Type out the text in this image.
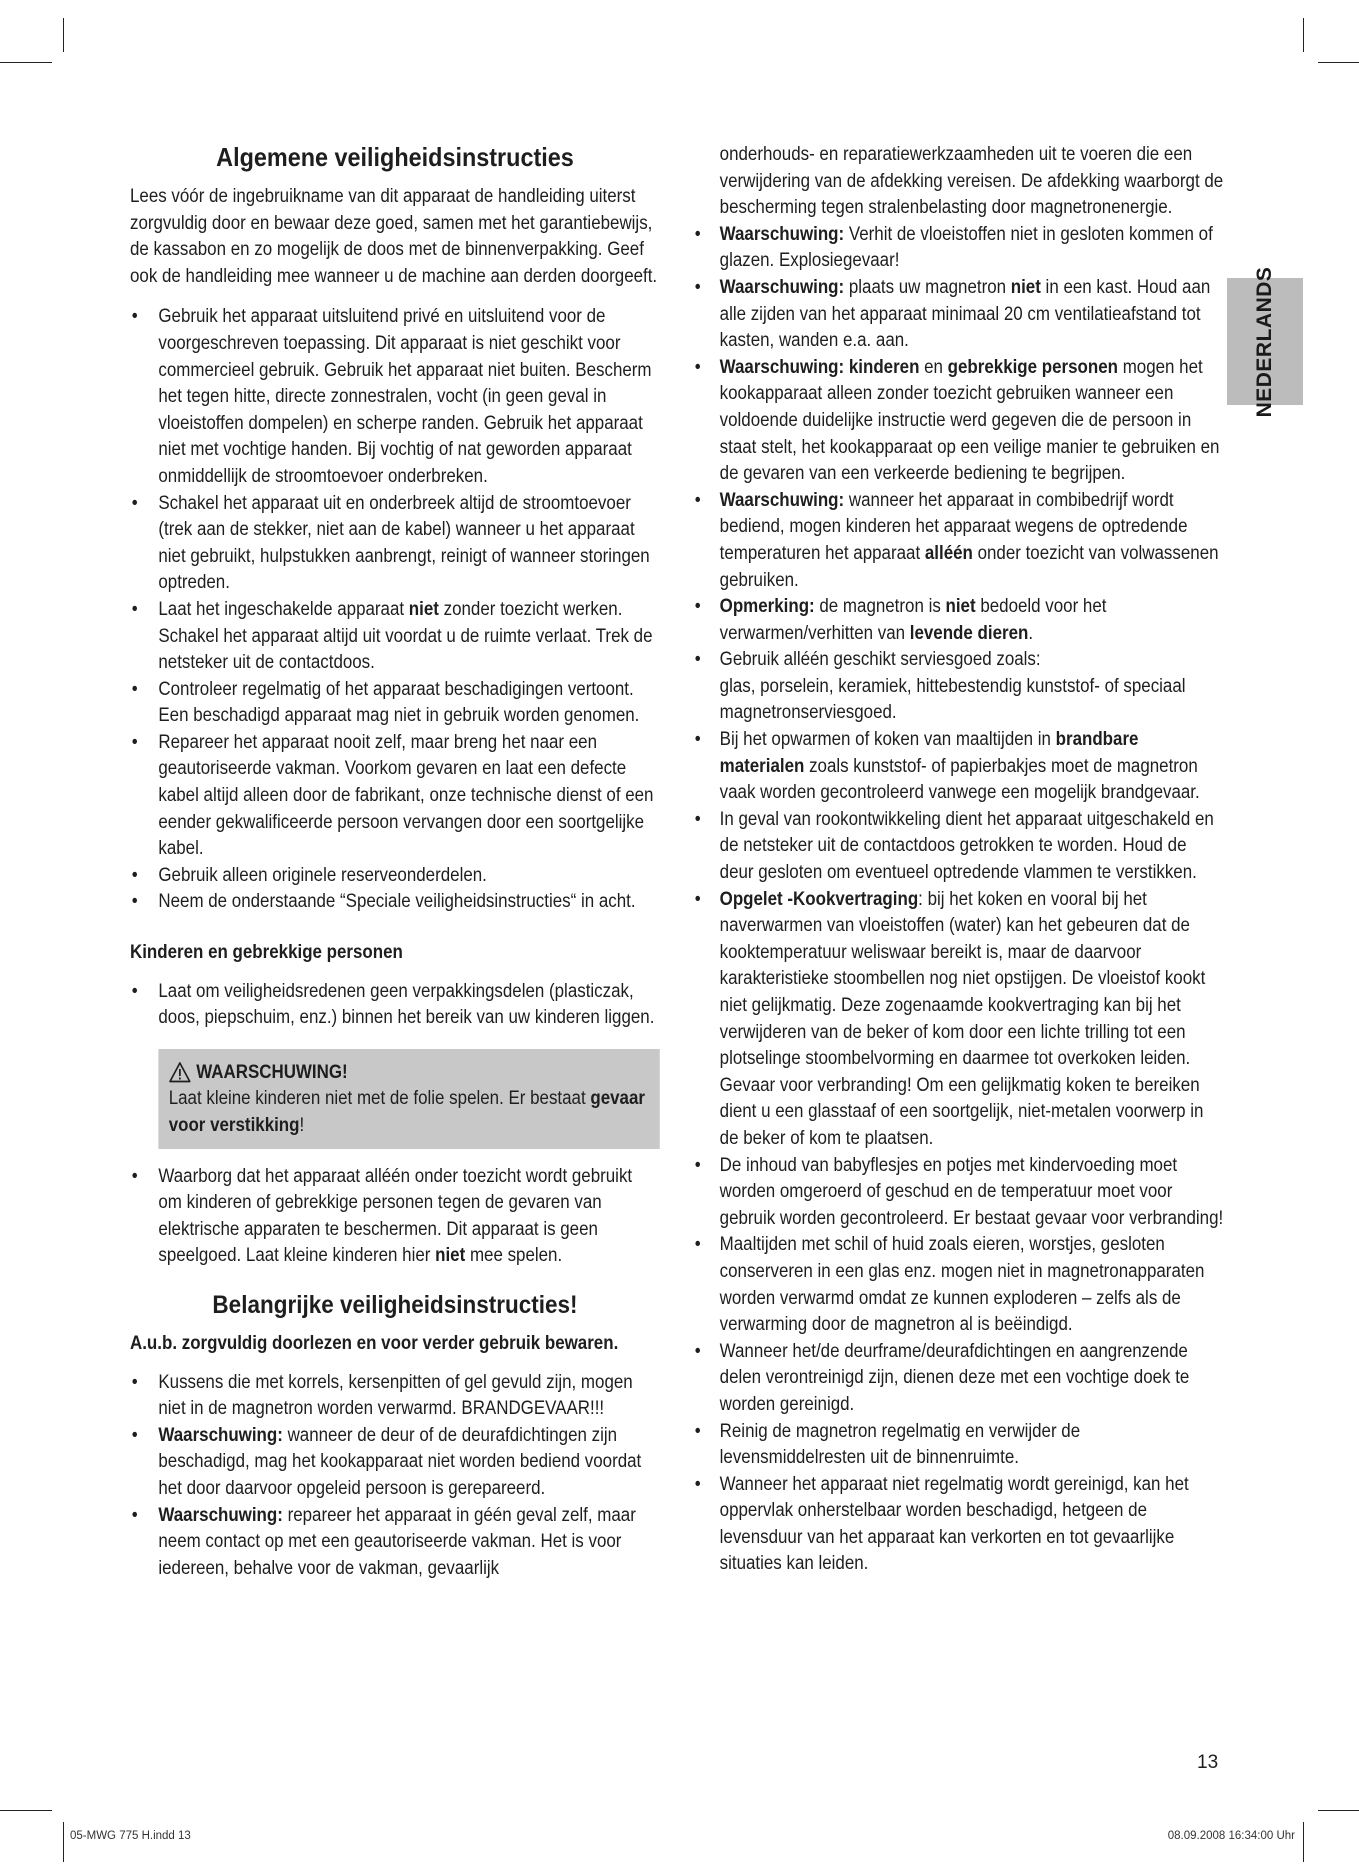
NEDERLANDS
Algemene veiligheidsinstructies

Lees vóór de ingebruikname van dit apparaat de handleiding uiterst zorgvuldig door en bewaar deze goed, samen met het garantiebewijs, de kassabon en zo mogelijk de doos met de binnenverpakking. Geef ook de handleiding mee wanneer u de machine aan derden doorgeeft.

• Gebruik het apparaat uitsluitend privé en uitsluitend voor de voorgeschreven toepassing. Dit apparaat is niet geschikt voor commercieel gebruik. Gebruik het apparaat niet buiten. Bescherm het tegen hitte, directe zonnestralen, vocht (in geen geval in vloeistoffen dompelen) en scherpe randen. Gebruik het apparaat niet met vochtige handen. Bij vochtig of nat geworden apparaat onmiddellijk de stroomtoevoer onderbreken.
• Schakel het apparaat uit en onderbreek altijd de stroomtoevoer (trek aan de stekker, niet aan de kabel) wanneer u het apparaat niet gebruikt, hulpstukken aanbrengt, reinigt of wanneer storingen optreden.
• Laat het ingeschakelde apparaat niet zonder toezicht werken. Schakel het apparaat altijd uit voordat u de ruimte verlaat. Trek de netsteker uit de contactdoos.
• Controleer regelmatig of het apparaat beschadigingen vertoont. Een beschadigd apparaat mag niet in gebruik worden genomen.
• Repareer het apparaat nooit zelf, maar breng het naar een geautoriseerde vakman. Voorkom gevaren en laat een defecte kabel altijd alleen door de fabrikant, onze technische dienst of een eender gekwalificeerde persoon vervangen door een soortgelijke kabel.
• Gebruik alleen originele reserveonderdelen.
• Neem de onderstaande “Speciale veiligheidsinstructies“ in acht.
Kinderen en gebrekkige personen
• Laat om veiligheidsredenen geen verpakkingsdelen (plasticzak, doos, piepschuim, enz.) binnen het bereik van uw kinderen liggen.
WAARSCHUWING!

Laat kleine kinderen niet met de folie spelen. Er bestaat gevaar voor verstikking!

• Waarborg dat het apparaat alléén onder toezicht wordt gebruikt om kinderen of gebrekkige personen tegen de gevaren van elektrische apparaten te beschermen. Dit apparaat is geen speelgoed. Laat kleine kinderen hier niet mee spelen.
Belangrijke veiligheidsinstructies!
A.u.b. zorgvuldig doorlezen en voor verder gebruik bewaren.
• Kussens die met korrels, kersenpitten of gel gevuld zijn, mogen niet in de magnetron worden verwarmd. BRANDGEVAAR!!!
• Waarschuwing: wanneer de deur of de deurafdichtingen zijn beschadigd, mag het kookapparaat niet worden bediend voordat het door daarvoor opgeleid persoon is gerepareerd.
• Waarschuwing: repareer het apparaat in géén geval zelf, maar neem contact op met een geautoriseerde vakman. Het is voor iedereen, behalve voor de vakman, gevaarlijk

onderhouds- en reparatiewerkzaamheden uit te voeren die een verwijdering van de afdekking vereisen. De afdekking waarborgt de bescherming tegen stralenbelasting door magnetronenergie.

• Waarschuwing: Verhit de vloeistoffen niet in gesloten kommen of glazen. Explosiegevaar!
• Waarschuwing: plaats uw magnetron niet in een kast. Houd aan alle zijden van het apparaat minimaal 20 cm ventilatieafstand tot kasten, wanden e.a. aan.
• Waarschuwing: kinderen en gebrekkige personen mogen het kookapparaat alleen zonder toezicht gebruiken wanneer een voldoende duidelijke instructie werd gegeven die de persoon in staat stelt, het kookapparaat op een veilige manier te gebruiken en de gevaren van een verkeerde bediening te begrijpen.
• Waarschuwing: wanneer het apparaat in combibedrijf wordt bediend, mogen kinderen het apparaat wegens de optredende temperaturen het apparaat alléén onder toezicht van volwassenen gebruiken.
• Opmerking: de magnetron is niet bedoeld voor het verwarmen/verhitten van levende dieren.
• Gebruik alléén geschikt serviesgoed zoals:
glas, porselein, keramiek, hittebestendig kunststof- of speciaal magnetronserviesgoed.
• Bij het opwarmen of koken van maaltijden in brandbare materialen zoals kunststof- of papierbakjes moet de magnetron vaak worden gecontroleerd vanwege een mogelijk brandgevaar.
• In geval van rookontwikkeling dient het apparaat uitgeschakeld en de netsteker uit de contactdoos getrokken te worden. Houd de deur gesloten om eventueel optredende vlammen te verstikken.
• Opgelet -Kookvertraging: bij het koken en vooral bij het naverwarmen van vloeistoffen (water) kan het gebeuren dat de kooktemperatuur weliswaar bereikt is, maar de daarvoor karakteristieke stoombellen nog niet opstijgen. De vloeistof kookt niet gelijkmatig. Deze zogenaamde kookvertraging kan bij het verwijderen van de beker of kom door een lichte trilling tot een plotselinge stoombelvorming en daarmee tot overkoken leiden. Gevaar voor verbranding! Om een gelijkmatig koken te bereiken dient u een glasstaaf of een soortgelijk, niet-metalen voorwerp in de beker of kom te plaatsen.
• De inhoud van babyflesjes en potjes met kindervoeding moet worden omgeroerd of geschud en de temperatuur moet voor gebruik worden gecontroleerd. Er bestaat gevaar voor verbranding!
• Maaltijden met schil of huid zoals eieren, worstjes, gesloten conserveren in een glas enz. mogen niet in magnetronapparaten worden verwarmd omdat ze kunnen exploderen – zelfs als de verwarming door de magnetron al is beëindigd.
• Wanneer het/de deurframe/deurafdichtingen en aangrenzende delen verontreinigd zijn, dienen deze met een vochtige doek te worden gereinigd.
• Reinig de magnetron regelmatig en verwijder de levensmiddelresten uit de binnenruimte.
• Wanneer het apparaat niet regelmatig wordt gereinigd, kan het oppervlak onherstelbaar worden beschadigd, hetgeen de levensduur van het apparaat kan verkorten en tot gevaarlijke situaties kan leiden.
13
05-MWG 775 H.indd 13	08.09.2008 16:34:00 Uhr
